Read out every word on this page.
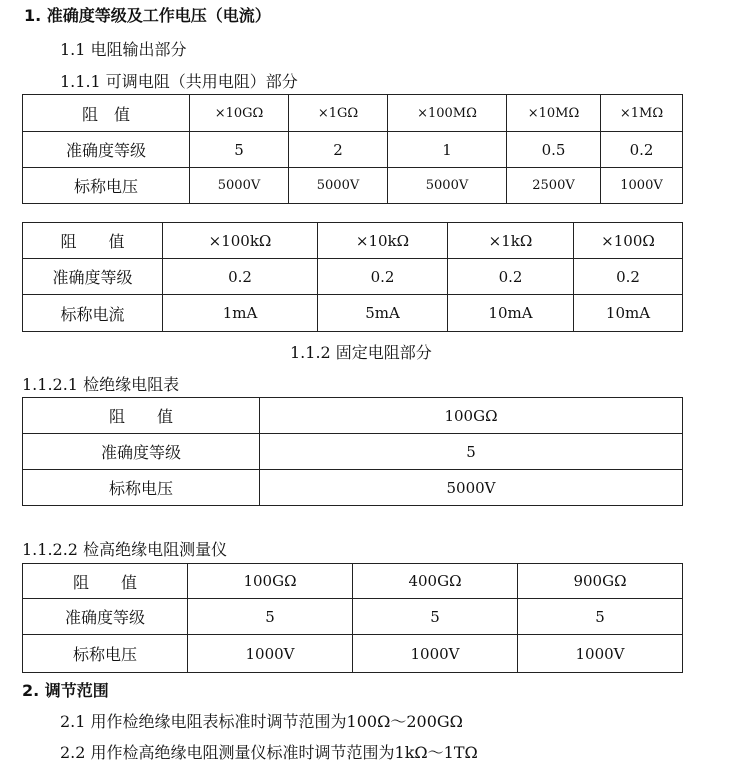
1. 准确度等级及工作电压（电流）
1.1 电阻输出部分
1.1.1 可调电阻（共用电阻）部分
阻　值	×10GΩ	×1GΩ	×100MΩ	×10MΩ	×1MΩ
准确度等级	5	2	1	0.5	0.2
标称电压	5000V	5000V	5000V	2500V	1000V
阻　　值	×100kΩ	×10kΩ	×1kΩ	×100Ω
准确度等级	0.2	0.2	0.2	0.2
标称电流	1mA	5mA	10mA	10mA
1.1.2 固定电阻部分
1.1.2.1 检绝缘电阻表
阻　　值	100GΩ
准确度等级	5
标称电压	5000V
1.1.2.2 检高绝缘电阻测量仪
阻　　值	100GΩ	400GΩ	900GΩ
准确度等级	5	5	5
标称电压	1000V	1000V	1000V
2. 调节范围
2.1 用作检绝缘电阻表标准时调节范围为100Ω～200GΩ
2.2 用作检高绝缘电阻测量仪标准时调节范围为1kΩ～1TΩ
